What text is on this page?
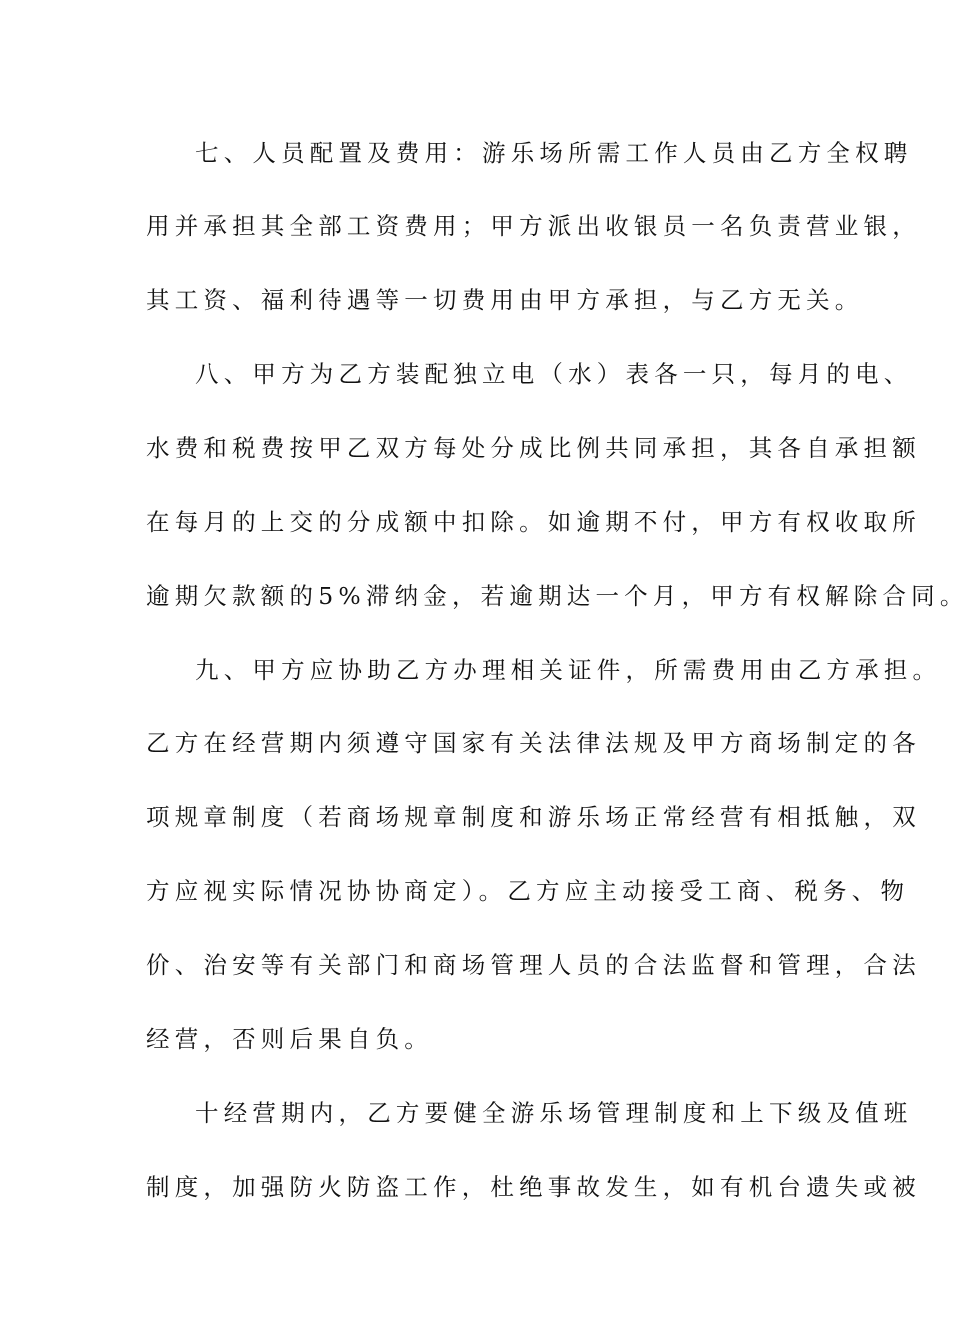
七、人员配置及费用：游乐场所需工作人员由乙方全权聘
用并承担其全部工资费用；甲方派出收银员一名负责营业银，
其工资、福利待遇等一切费用由甲方承担，与乙方无关。
八、甲方为乙方装配独立电（水）表各一只，每月的电、
水费和税费按甲乙双方每处分成比例共同承担，其各自承担额
在每月的上交的分成额中扣除。如逾期不付，甲方有权收取所
逾期欠款额的5%滞纳金，若逾期达一个月，甲方有权解除合同。
九、甲方应协助乙方办理相关证件，所需费用由乙方承担。
乙方在经营期内须遵守国家有关法律法规及甲方商场制定的各
项规章制度（若商场规章制度和游乐场正常经营有相抵触，双
方应视实际情况协协商定）。乙方应主动接受工商、税务、物
价、治安等有关部门和商场管理人员的合法监督和管理，合法
经营，否则后果自负。
十经营期内，乙方要健全游乐场管理制度和上下级及值班
制度，加强防火防盗工作，杜绝事故发生，如有机台遗失或被
